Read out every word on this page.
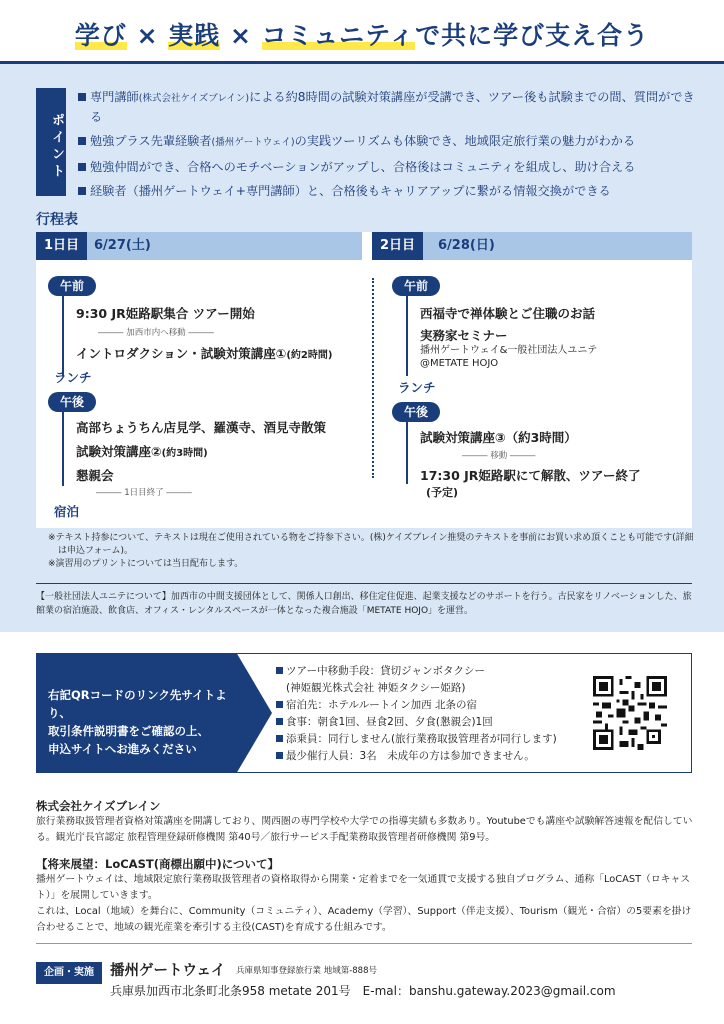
学び × 実践 × コミュニティで共に学び支え合う
ポイント
専門講師(株式会社ケイズブレイン)による約8時間の試験対策講座が受講でき、ツアー後も試験までの間、質問ができる
勉強プラス先輩経験者(播州ゲートウェイ)の実践ツーリズムも体験でき、地域限定旅行業の魅力がわかる
勉強仲間ができ、合格へのモチベーションがアップし、合格後はコミュニティを組成し、助け合える
経験者（播州ゲートウェイ+専門講師）と、合格後もキャリアアップに繋がる情報交換ができる
行程表
1日目	6/27(土)	2日目	6/28(日)
午前
9:30 JR姫路駅集合 ツアー開始
――― 加西市内へ移動 ―――
イントロダクション・試験対策講座①(約2時間)
ランチ
午後
高部ちょうちん店見学、羅漢寺、酒見寺散策
試験対策講座②(約3時間)
懇親会
――― 1日目終了 ―――
宿泊
午前
西福寺で禅体験とご住職のお話
実務家セミナー
播州ゲートウェイ&一般社団法人ユニテ
@METATE HOJO
ランチ
午後
試験対策講座③（約3時間）
――― 移動 ―――
17:30 JR姫路駅にて解散、ツアー終了
(予定)

※テキスト持参について、テキストは現在ご使用されている物をご持参下さい。(株)ケイズブレイン推奨のテキストを事前にお買い求め頂くことも可能です(詳細は申込フォーム)。

※演習用のプリントについては当日配布します。

【一般社団法人ユニテについて】加西市の中間支援団体として、関係人口創出、移住定住促進、起業支援などのサポートを行う。古民家をリノベーションした、旅館業の宿泊施設、飲食店、オフィス・レンタルスペースが一体となった複合施設「METATE HOJO」を運営。
右記QRコードのリンク先サイトより、
取引条件説明書をご確認の上、
申込サイトへお進みください
ツアー中移動手段：貸切ジャンボタクシー
(神姫観光株式会社 神姫タクシー姫路)
宿泊先：ホテルルートイン加西 北条の宿
食事：朝食1回、昼食2回、夕食(懇親会)1回
添乗員：同行しません(旅行業務取扱管理者が同行します)
最少催行人員：3名　未成年の方は参加できません。
株式会社ケイズブレイン
旅行業務取扱管理者資格対策講座を開講しており、関西圏の専門学校や大学での指導実績も多数あり。Youtubeでも講座や試験解答速報を配信している。観光庁長官認定 旅程管理登録研修機関 第40号／旅行サービス手配業務取扱管理者研修機関 第9号。
【将来展望：LoCAST(商標出願中)について】
播州ゲートウェイは、地域限定旅行業務取扱管理者の資格取得から開業・定着までを一気通貫で支援する独自プログラム、通称「LoCAST（ロキャスト）」を展開していきます。
これは、Local（地域）を舞台に、Community（コミュニティ）、Academy（学習）、Support（伴走支援）、Tourism（観光・合宿）の5要素を掛け合わせることで、地域の観光産業を牽引する主役(CAST)を育成する仕組みです。
企画・実施	播州ゲートウェイ 兵庫県知事登録旅行業 地域第-888号
兵庫県加西市北条町北条958 metate 201号　E-mal：banshu.gateway.2023@gmail.com
